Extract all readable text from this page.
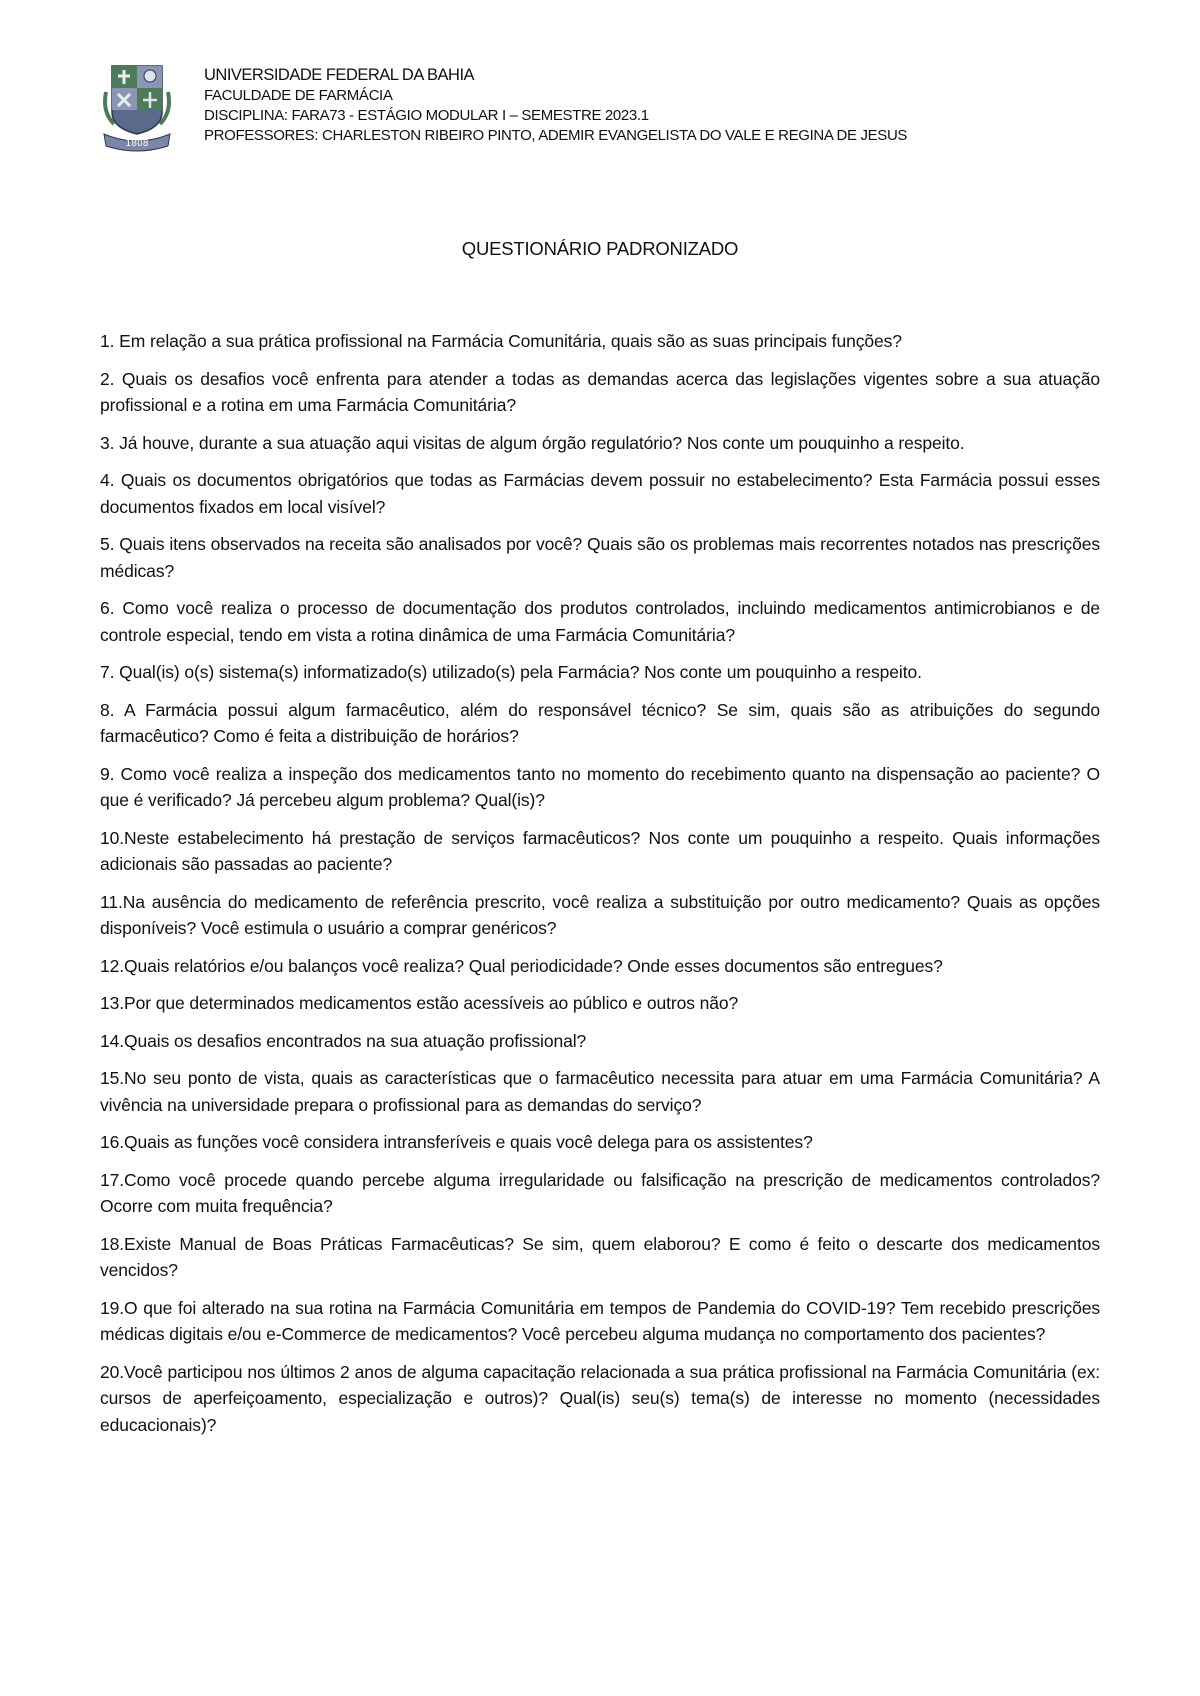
1808
UNIVERSIDADE FEDERAL DA BAHIA
FACULDADE DE FARMÁCIA
DISCIPLINA: FARA73 - ESTÁGIO MODULAR I – SEMESTRE 2023.1
PROFESSORES: CHARLESTON RIBEIRO PINTO, ADEMIR EVANGELISTA DO VALE E REGINA DE JESUS
QUESTIONÁRIO PADRONIZADO

1. Em relação a sua prática profissional na Farmácia Comunitária, quais são as suas principais funções?

2. Quais os desafios você enfrenta para atender a todas as demandas acerca das legislações vigentes sobre a sua atuação profissional e a rotina em uma Farmácia Comunitária?

3. Já houve, durante a sua atuação aqui visitas de algum órgão regulatório? Nos conte um pouquinho a respeito.

4. Quais os documentos obrigatórios que todas as Farmácias devem possuir no estabelecimento? Esta Farmácia possui esses documentos fixados em local visível?

5. Quais itens observados na receita são analisados por você? Quais são os problemas mais recorrentes notados nas prescrições médicas?

6. Como você realiza o processo de documentação dos produtos controlados, incluindo medicamentos antimicrobianos e de controle especial, tendo em vista a rotina dinâmica de uma Farmácia Comunitária?

7. Qual(is) o(s) sistema(s) informatizado(s) utilizado(s) pela Farmácia? Nos conte um pouquinho a respeito.

8. A Farmácia possui algum farmacêutico, além do responsável técnico? Se sim, quais são as atribuições do segundo farmacêutico? Como é feita a distribuição de horários?

9. Como você realiza a inspeção dos medicamentos tanto no momento do recebimento quanto na dispensação ao paciente? O que é verificado? Já percebeu algum problema? Qual(is)?

10.Neste estabelecimento há prestação de serviços farmacêuticos? Nos conte um pouquinho a respeito. Quais informações adicionais são passadas ao paciente?

11.Na ausência do medicamento de referência prescrito, você realiza a substituição por outro medicamento? Quais as opções disponíveis? Você estimula o usuário a comprar genéricos?

12.Quais relatórios e/ou balanços você realiza? Qual periodicidade? Onde esses documentos são entregues?

13.Por que determinados medicamentos estão acessíveis ao público e outros não?

14.Quais os desafios encontrados na sua atuação profissional?

15.No seu ponto de vista, quais as características que o farmacêutico necessita para atuar em uma Farmácia Comunitária? A vivência na universidade prepara o profissional para as demandas do serviço?

16.Quais as funções você considera intransferíveis e quais você delega para os assistentes?

17.Como você procede quando percebe alguma irregularidade ou falsificação na prescrição de medicamentos controlados? Ocorre com muita frequência?

18.Existe Manual de Boas Práticas Farmacêuticas? Se sim, quem elaborou? E como é feito o descarte dos medicamentos vencidos?

19.O que foi alterado na sua rotina na Farmácia Comunitária em tempos de Pandemia do COVID-19? Tem recebido prescrições médicas digitais e/ou e-Commerce de medicamentos? Você percebeu alguma mudança no comportamento dos pacientes?

20.Você participou nos últimos 2 anos de alguma capacitação relacionada a sua prática profissional na Farmácia Comunitária (ex: cursos de aperfeiçoamento, especialização e outros)? Qual(is) seu(s) tema(s) de interesse no momento (necessidades educacionais)?
